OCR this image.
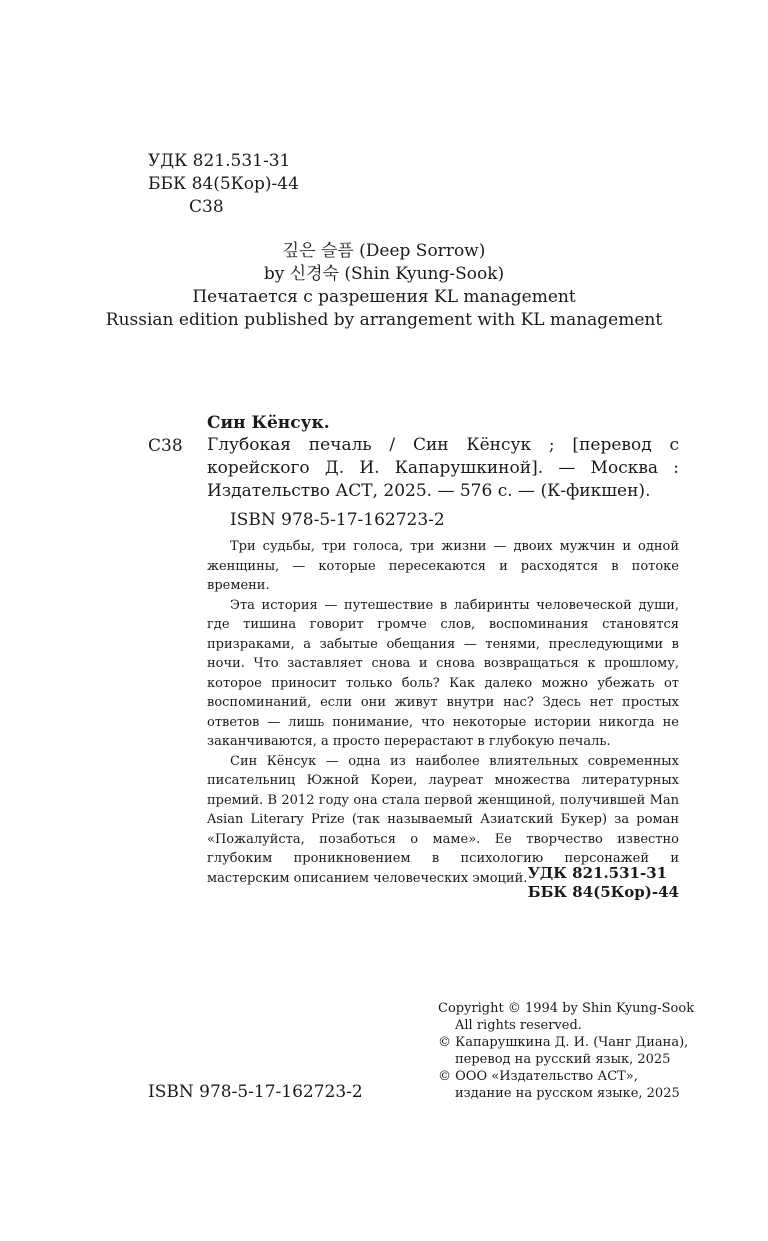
УДК 821.531-31
ББК 84(5Кор)-44
С38
깊은 슬픔 (Deep Sorrow)
by 신경숙 (Shin Kyung-Sook)
Печатается с разрешения KL management
Russian edition published by arrangement with KL management
Син Кёнсук.
С38 Глубокая печаль / Син Кёнсук ; [перевод с корейского Д. И. Капарушкиной]. — Москва : Издательство АСТ, 2025. — 576 с. — (К-фикшен).

ISBN 978-5-17-162723-2

Три судьбы, три голоса, три жизни — двоих мужчин и одной женщины, — которые пересекаются и расходятся в потоке времени.

Эта история — путешествие в лабиринты человеческой души, где тишина говорит громче слов, воспоминания становятся призраками, а забытые обещания — тенями, преследующими в ночи. Что заставляет снова и снова возвращаться к прошлому, которое приносит только боль? Как далеко можно убежать от воспоминаний, если они живут внутри нас? Здесь нет простых ответов — лишь понимание, что некоторые истории никогда не заканчиваются, а просто перерастают в глубокую печаль.

Син Кёнсук — одна из наиболее влиятельных современных писательниц Южной Кореи, лауреат множества литературных премий. В 2012 году она стала первой женщиной, получившей Man Asian Literary Prize (так называемый Азиатский Букер) за роман «Пожалуйста, позаботься о маме». Ее творчество известно глубоким проникновением в психологию персонажей и мастерским описанием человеческих эмоций. УДК 821.531-31
ББК 84(5Кор)-44
Copyright © 1994 by Shin Kyung-Sook
All rights reserved.
© Капарушкина Д. И. (Чанг Диана),
перевод на русский язык, 2025
© ООО «Издательство АСТ»,
издание на русском языке, 2025
ISBN 978-5-17-162723-2
